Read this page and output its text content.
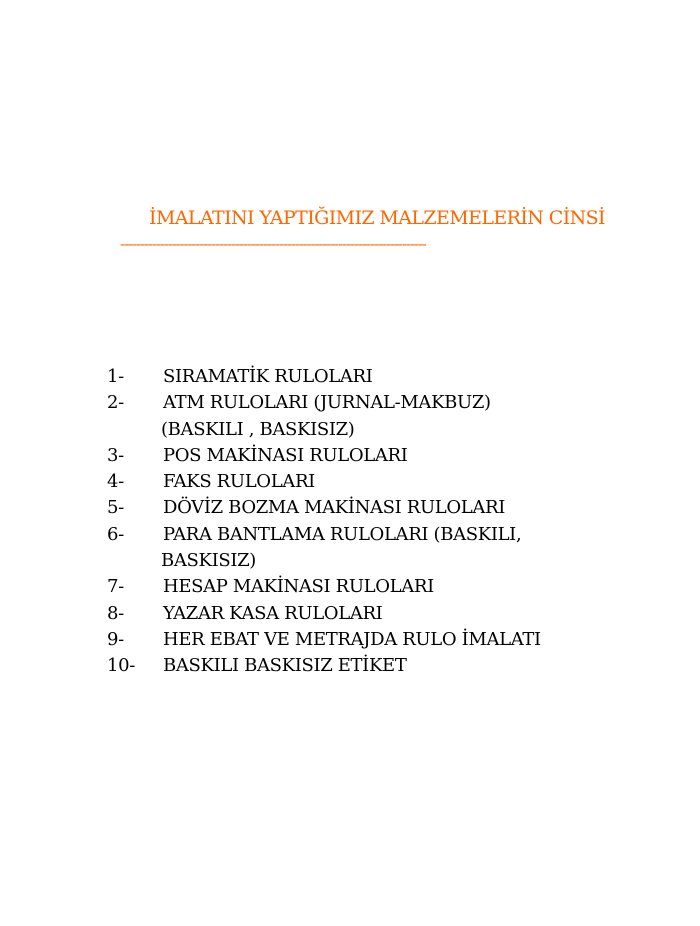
İMALATINI YAPTIĞIMIZ MALZEMELERİN CİNSİ
-----------------------------------------------------------------------------
1-	SIRAMATİK RULOLARI
2-	ATM RULOLARI (JURNAL-MAKBUZ)
(BASKILI , BASKISIZ)
3-	POS MAKİNASI RULOLARI
4-	FAKS RULOLARI
5-	DÖVİZ BOZMA MAKİNASI RULOLARI
6-	PARA BANTLAMA RULOLARI (BASKILI,
BASKISIZ)
7-	HESAP MAKİNASI RULOLARI
8-	YAZAR KASA RULOLARI
9-	HER EBAT VE METRAJDA RULO İMALATI
10-	BASKILI BASKISIZ ETİKET
